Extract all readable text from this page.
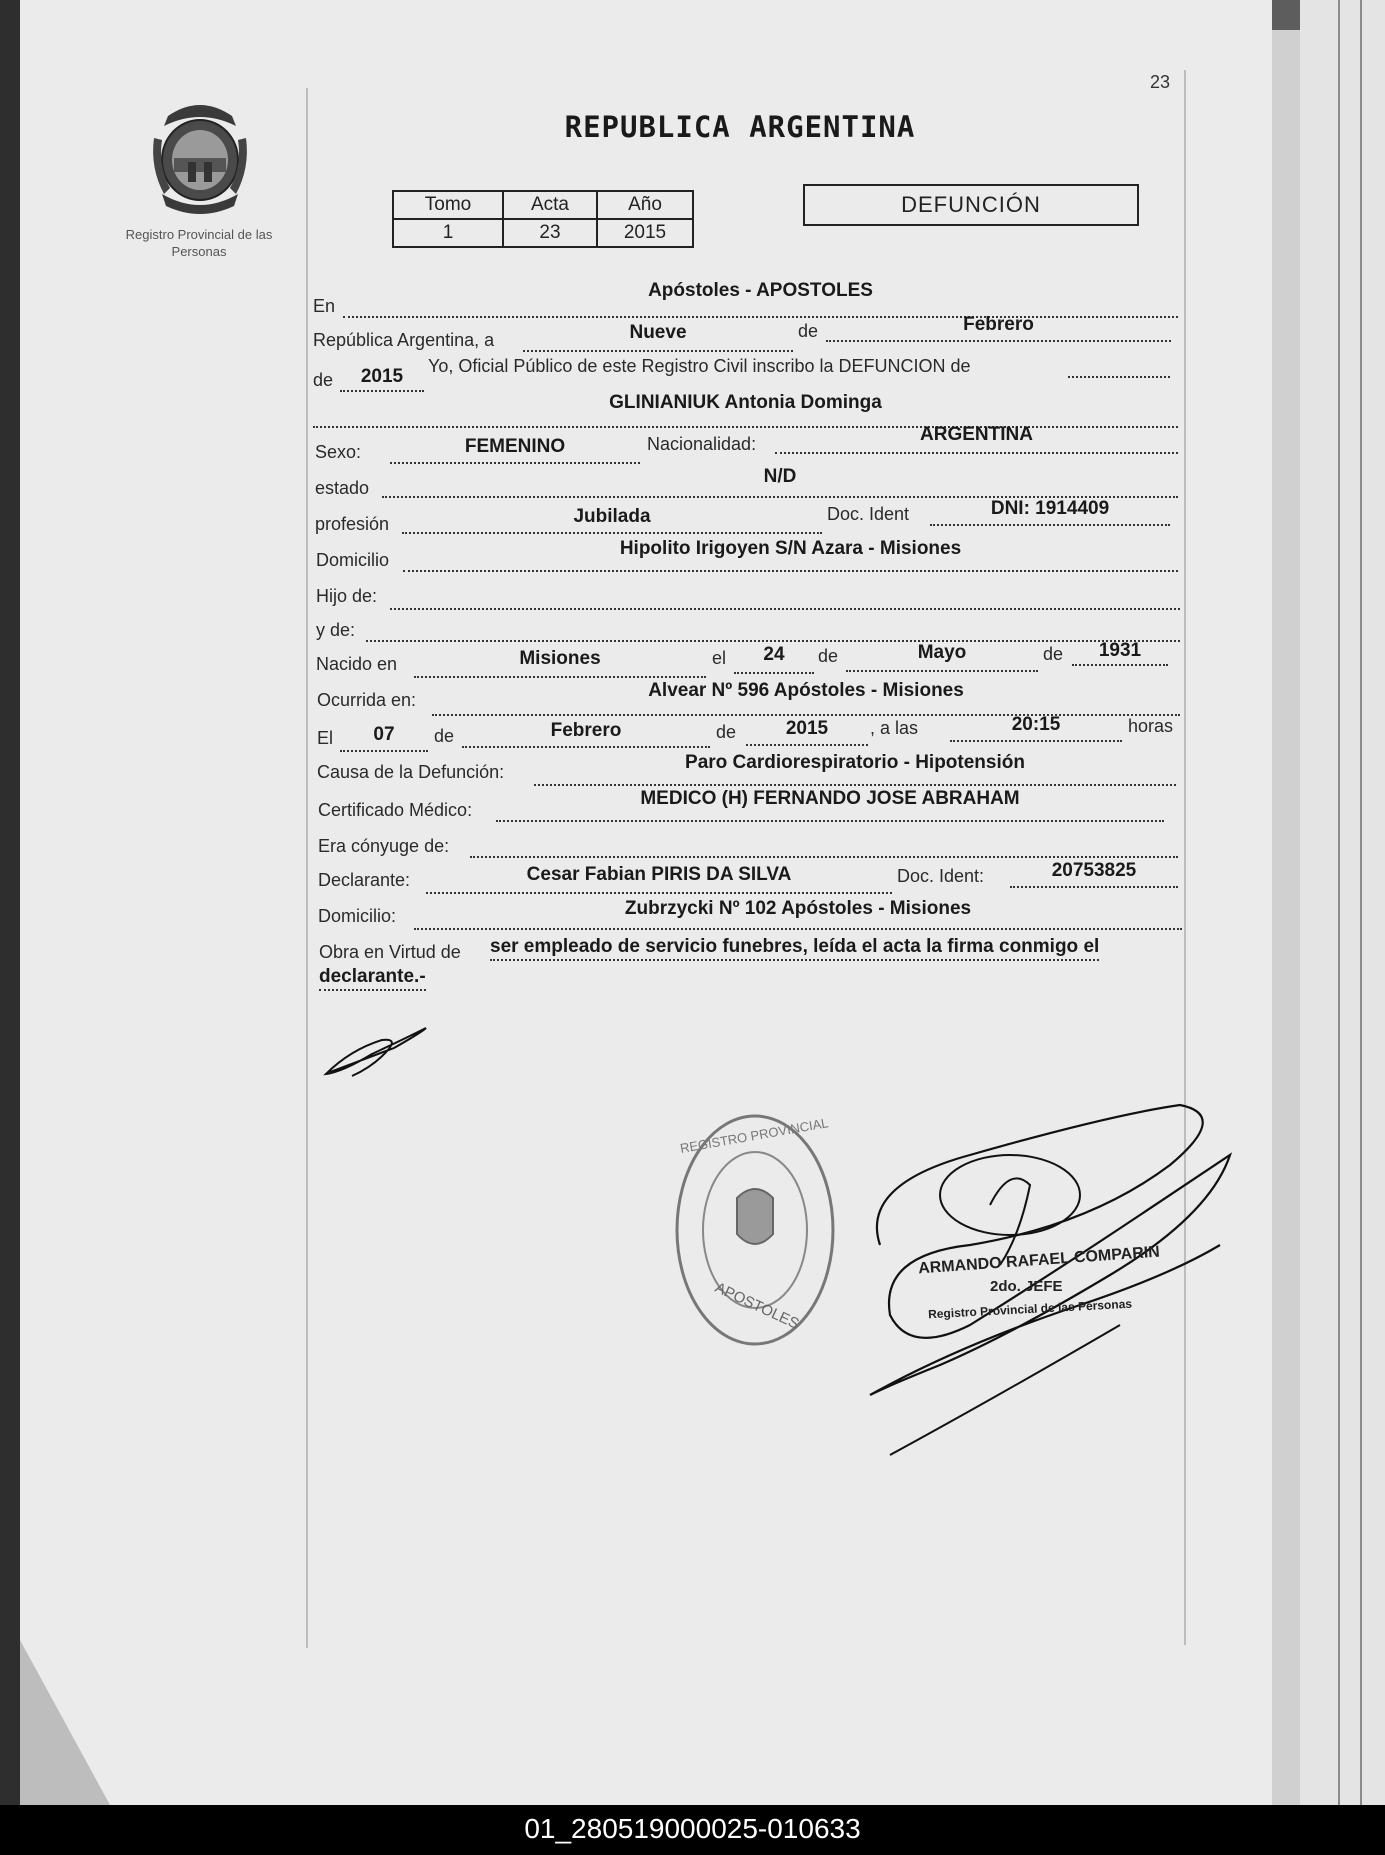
23
Registro Provincial de las Personas
REPUBLICA ARGENTINA
Tomo	Acta	Año
1	23	2015
DEFUNCIÓN
En
Apóstoles - APOSTOLES
República Argentina, a	Nueve	de	Febrero
de	2015	Yo, Oficial Público de este Registro Civil inscribo la DEFUNCION de
GLINIANIUK Antonia Dominga
Sexo:	FEMENINO	Nacionalidad:	ARGENTINA
estado
N/D
profesión	Jubilada	Doc. Ident	DNI: 1914409
Domicilio
Hipolito Irigoyen S/N Azara - Misiones
Hijo de:
y de:
Nacido en	Misiones	el	24	de	Mayo	de	1931
Ocurrida en:	Alvear Nº 596 Apóstoles - Misiones
El	07	de	Febrero	de	2015	, a las	20:15	horas
Causa de la Defunción:	Paro Cardiorespiratorio - Hipotensión
Certificado Médico:
MEDICO (H) FERNANDO JOSE ABRAHAM
Era cónyuge de:
Declarante:	Cesar Fabian PIRIS DA SILVA	Doc. Ident:	20753825
Domicilio:	Zubrzycki Nº 102 Apóstoles - Misiones
Obra en Virtud de ser empleado de servicio funebres, leída el acta la firma conmigo el
declarante.-
REGISTRO PROVINCIAL
APOSTOLES
ARMANDO RAFAEL COMPARIN
2do. JEFE
Registro Provincial de las Personas
01_280519000025-010633
